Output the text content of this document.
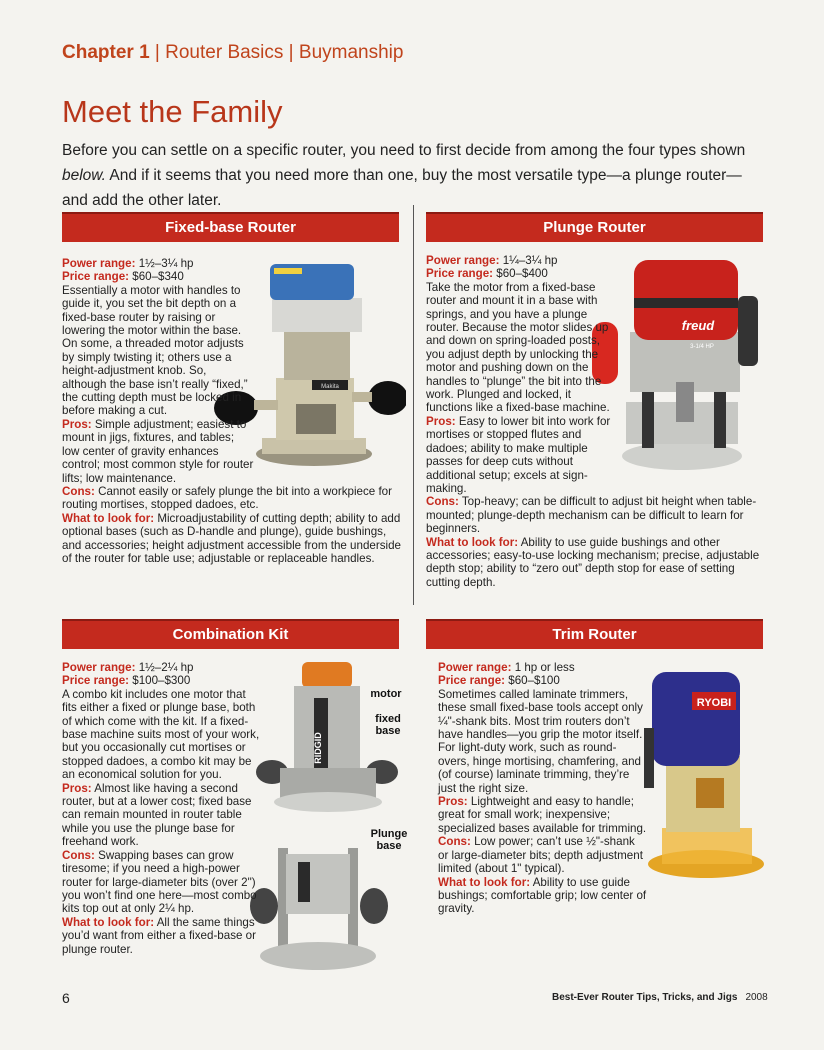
Chapter 1 | Router Basics | Buymanship
Meet the Family
Before you can settle on a specific router, you need to first decide from among the four types shown below. And if it seems that you need more than one, buy the most versatile type—a plunge router—and add the other later.
Fixed-base Router
Makita

Power range: 1½–3¼ hp

Price range: $60–$340

Essentially a motor with handles to guide it, you set the bit depth on a fixed-base router by raising or lowering the motor within the base. On some, a threaded motor adjusts by simply twisting it; others use a height-adjustment knob. So, although the base isn’t really “fixed,” the cutting depth must be locked in before making a cut.

Pros: Simple adjustment; easiest to mount in jigs, fixtures, and tables; low center of gravity enhances control; most common style for router lifts; low maintenance.

Cons: Cannot easily or safely plunge the bit into a workpiece for routing mortises, stopped dadoes, etc.

What to look for: Microadjustability of cutting depth; ability to add optional bases (such as D-handle and plunge), guide bushings, and accessories; height adjustment accessible from the underside of the router for table use; adjustable or replaceable handles.

Plunge Router
freud
3-1/4 HP

Power range: 1¼–3¼ hp

Price range: $60–$400

Take the motor from a fixed-base router and mount it in a base with springs, and you have a plunge router. Because the motor slides up and down on spring-loaded posts, you adjust depth by unlocking the motor and pushing down on the handles to “plunge” the bit into the work. Plunged and locked, it functions like a fixed-base machine.

Pros: Easy to lower bit into work for mortises or stopped flutes and dadoes; ability to make multiple passes for deep cuts without additional setup; excels at sign-making.

Cons: Top-heavy; can be difficult to adjust bit height when table-mounted; plunge-depth mechanism can be difficult to learn for beginners.

What to look for: Ability to use guide bushings and other accessories; easy-to-use locking mechanism; precise, adjustable depth stop; ability to “zero out” depth stop for ease of setting cutting depth.

Combination Kit
RIDGID
motor
fixed base
Plunge base

Power range: 1½–2¼ hp

Price range: $100–$300

A combo kit includes one motor that fits either a fixed or plunge base, both of which come with the kit. If a fixed-base machine suits most of your work, but you occasionally cut mortises or stopped dadoes, a combo kit may be an economical solution for you.

Pros: Almost like having a second router, but at a lower cost; fixed base can remain mounted in router table while you use the plunge base for freehand work.

Cons: Swapping bases can grow tiresome; if you need a high-power router for large-diameter bits (over 2") you won’t find one here—most combo kits top out at only 2¼ hp.

What to look for: All the same things you’d want from either a fixed-base or plunge router.

Trim Router
RYOBI

Power range: 1 hp or less

Price range: $60–$100

Sometimes called laminate trimmers, these small fixed-base tools accept only ¼"-shank bits. Most trim routers don’t have handles—you grip the motor itself. For light-duty work, such as round-overs, hinge mortising, chamfering, and (of course) laminate trimming, they’re just the right size.

Pros: Lightweight and easy to handle; great for small work; inexpensive; specialized bases available for trimming.

Cons: Low power; can’t use ½"-shank or large-diameter bits; depth adjustment limited (about 1" typical).

What to look for: Ability to use guide bushings; comfortable grip; low center of gravity.

6	Best-Ever Router Tips, Tricks, and Jigs 2008
